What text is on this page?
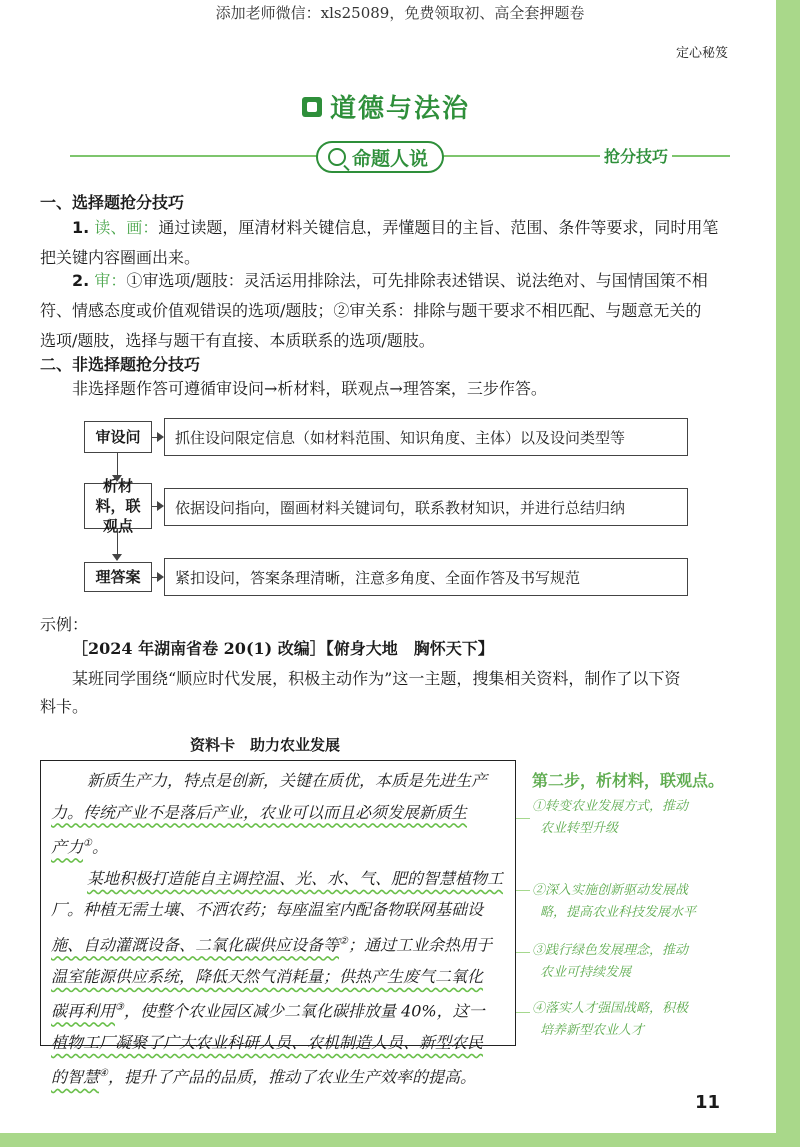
添加老师微信：xls25089，免费领取初、高全套押题卷
定心秘笈
道德与法治
命题人说	抢分技巧
一、选择题抢分技巧
1. 读、画：通过读题，厘清材料关键信息，弄懂题目的主旨、范围、条件等要求，同时用笔
把关键内容圈画出来。
2. 审：①审选项/题肢：灵活运用排除法，可先排除表述错误、说法绝对、与国情国策不相
符、情感态度或价值观错误的选项/题肢；②审关系：排除与题干要求不相匹配、与题意无关的
选项/题肢，选择与题干有直接、本质联系的选项/题肢。
二、非选择题抢分技巧
非选择题作答可遵循审设问→析材料，联观点→理答案，三步作答。
审设问	抓住设问限定信息（如材料范围、知识角度、主体）以及设问类型等
析材料，联观点
依据设问指向，圈画材料关键词句，联系教材知识，并进行总结归纳
理答案	紧扣设问，答案条理清晰，注意多角度、全面作答及书写规范
示例：
［2024 年湖南省卷 20(1) 改编］【俯身大地　胸怀天下】
某班同学围绕“顺应时代发展，积极主动作为”这一主题，搜集相关资料，制作了以下资
料卡。
资料卡　助力农业发展
新质生产力，特点是创新，关键在质优，本质是先进生产
力。传统产业不是落后产业，农业可以而且必须发展新质生
产力①。
某地积极打造能自主调控温、光、水、气、肥的智慧植物工
厂。种植无需土壤、不洒农药；每座温室内配备物联网基础设
施、自动灌溉设备、二氧化碳供应设备等②；通过工业余热用于
温室能源供应系统，降低天然气消耗量；供热产生废气二氧化
碳再利用③，使整个农业园区减少二氧化碳排放量 40%，这一
植物工厂凝聚了广大农业科研人员、农机制造人员、新型农民
的智慧④，提升了产品的品质，推动了农业生产效率的提高。
第二步，析材料，联观点。
①转变农业发展方式，推动
农业转型升级
②深入实施创新驱动发展战
略，提高农业科技发展水平
③践行绿色发展理念，推动
农业可持续发展
④落实人才强国战略，积极
培养新型农业人才
11
